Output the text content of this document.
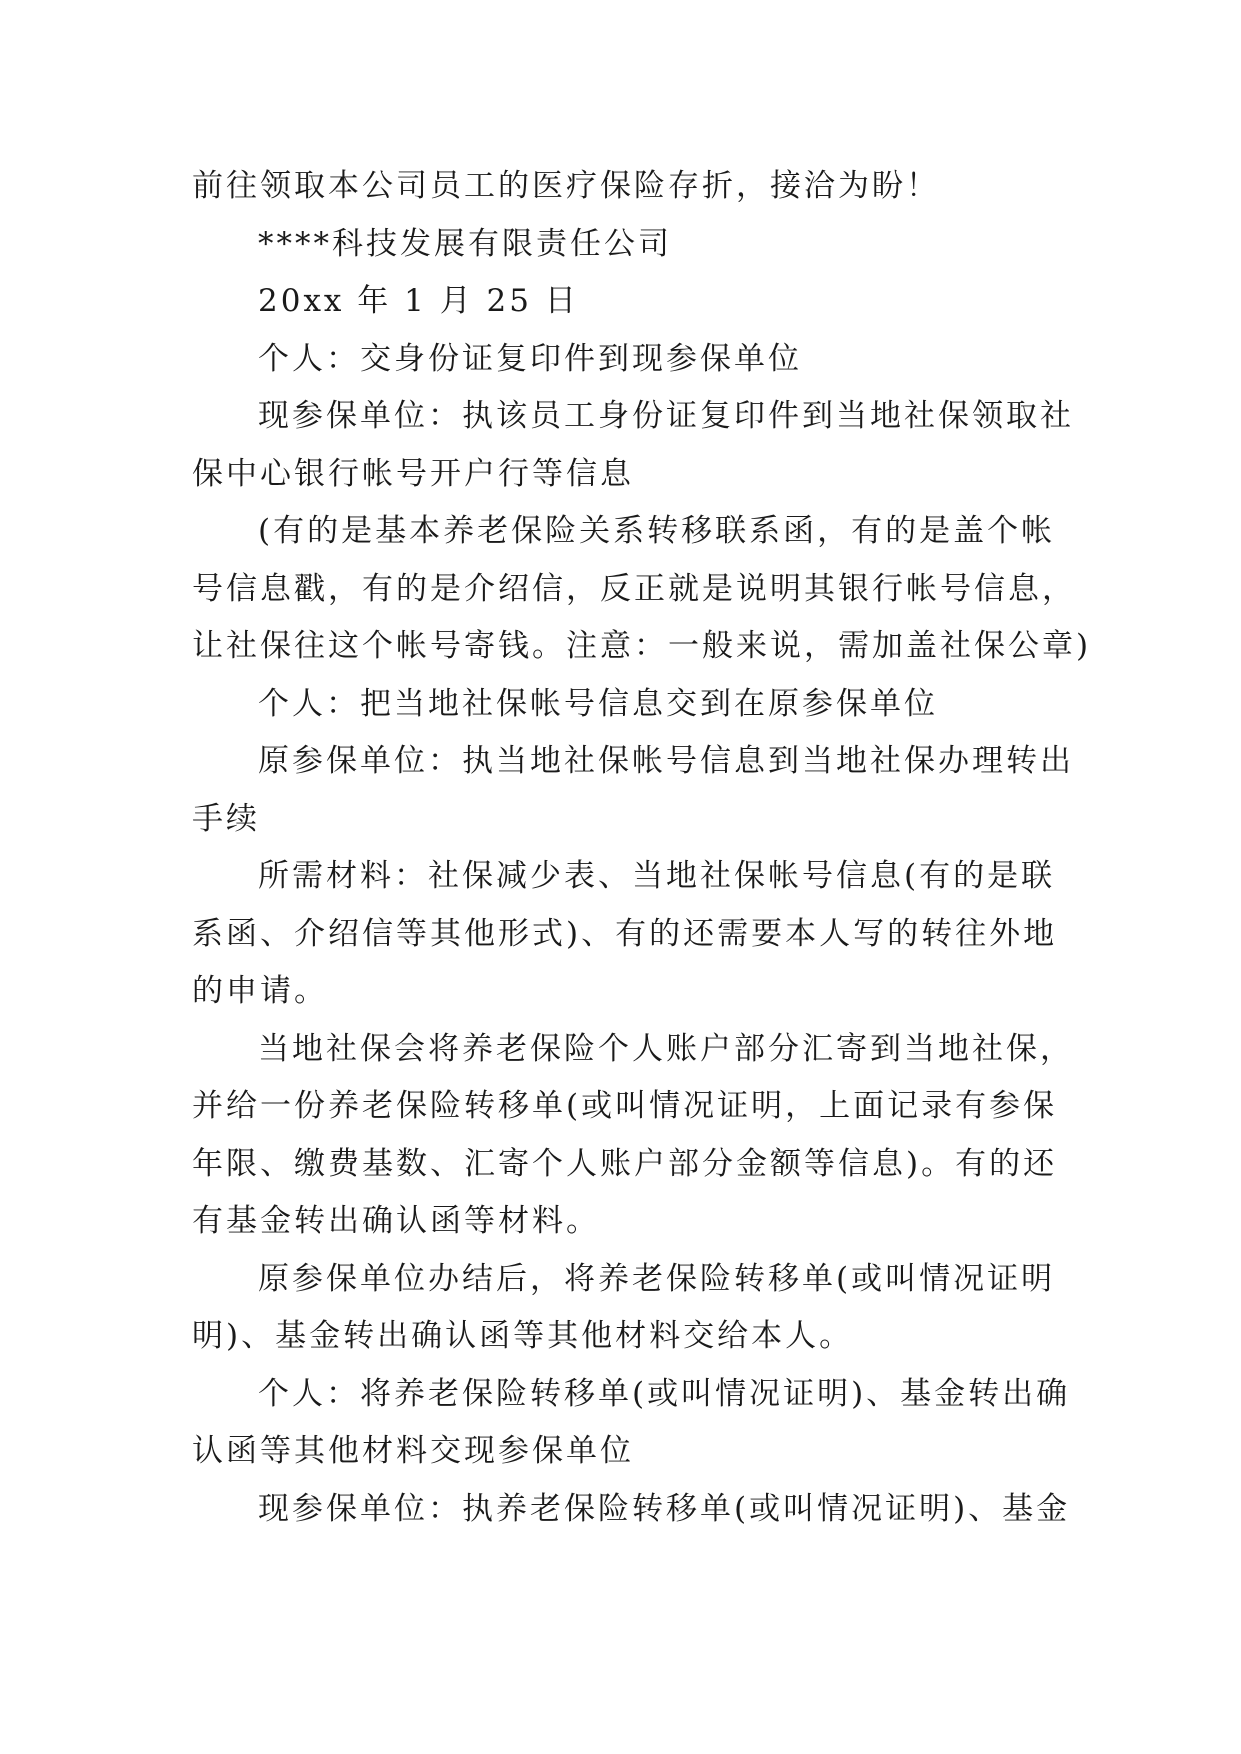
前往领取本公司员工的医疗保险存折，接洽为盼！
****科技发展有限责任公司
20xx 年 1 月 25 日
个人：交身份证复印件到现参保单位
现参保单位：执该员工身份证复印件到当地社保领取社
保中心银行帐号开户行等信息
(有的是基本养老保险关系转移联系函，有的是盖个帐
号信息戳，有的是介绍信，反正就是说明其银行帐号信息，
让社保往这个帐号寄钱。注意：一般来说，需加盖社保公章)
个人：把当地社保帐号信息交到在原参保单位
原参保单位：执当地社保帐号信息到当地社保办理转出
手续
所需材料：社保减少表、当地社保帐号信息(有的是联
系函、介绍信等其他形式)、有的还需要本人写的转往外地
的申请。
当地社保会将养老保险个人账户部分汇寄到当地社保，
并给一份养老保险转移单(或叫情况证明，上面记录有参保
年限、缴费基数、汇寄个人账户部分金额等信息)。有的还
有基金转出确认函等材料。
原参保单位办结后，将养老保险转移单(或叫情况证明
明)、基金转出确认函等其他材料交给本人。
个人：将养老保险转移单(或叫情况证明)、基金转出确
认函等其他材料交现参保单位
现参保单位：执养老保险转移单(或叫情况证明)、基金
